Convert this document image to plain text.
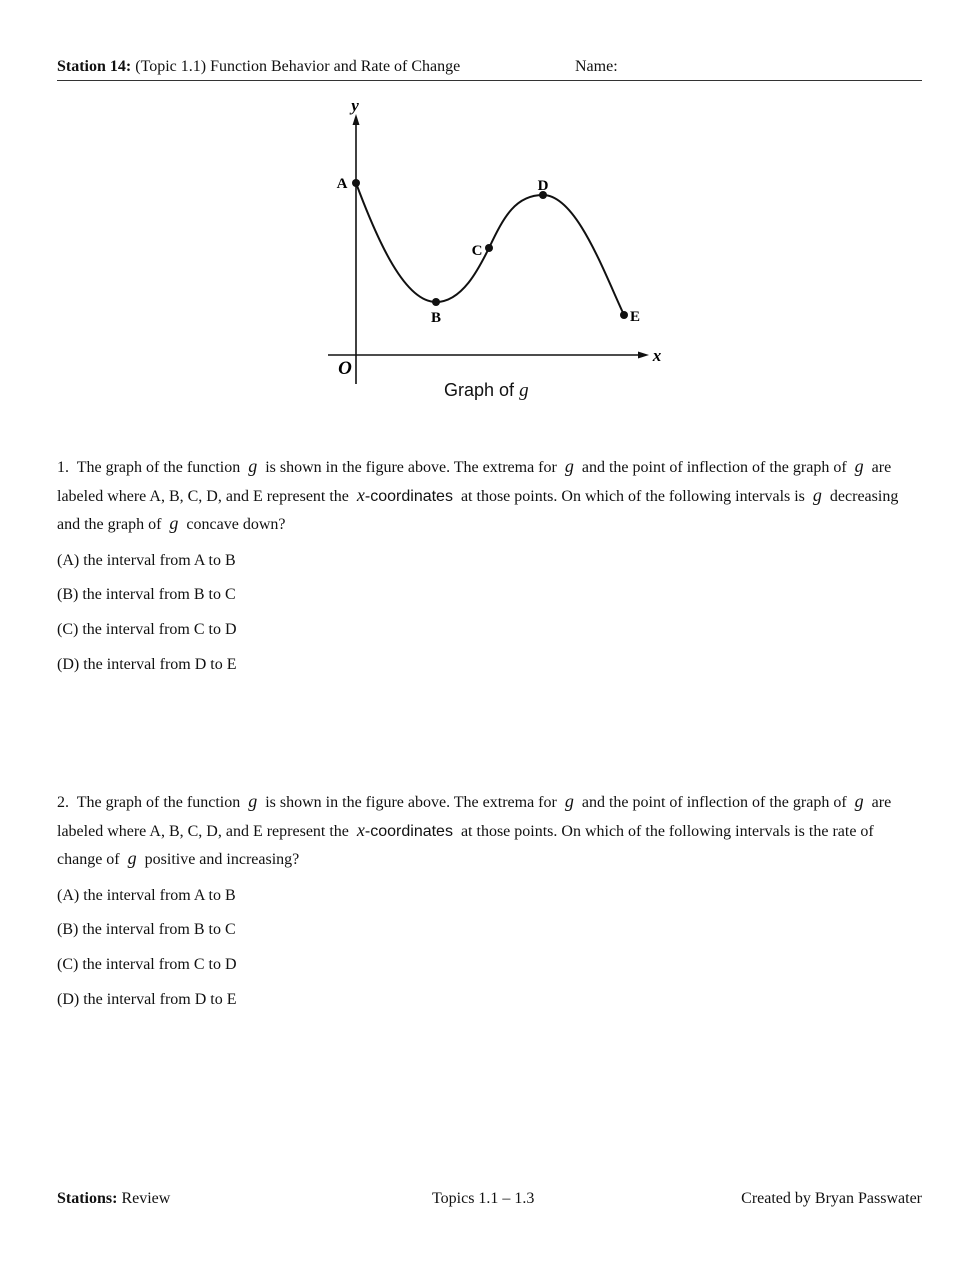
Station 14: (Topic 1.1) Function Behavior and Rate of Change	Name:
y
x
O
A
B
C
D
E
Graph of g

1. The graph of the function g is shown in the figure above. The extrema for g and the point of inflection of the graph of g are labeled where A, B, C, D, and E represent the x-coordinates at those points. On which of the following intervals is g decreasing and the graph of g concave down?

(A) the interval from A to B
(B) the interval from B to C
(C) the interval from C to D
(D) the interval from D to E

2. The graph of the function g is shown in the figure above. The extrema for g and the point of inflection of the graph of g are labeled where A, B, C, D, and E represent the x-coordinates at those points. On which of the following intervals is the rate of change of g positive and increasing?

(A) the interval from A to B
(B) the interval from B to C
(C) the interval from C to D
(D) the interval from D to E
Stations: Review	Topics 1.1 – 1.3	Created by Bryan Passwater
